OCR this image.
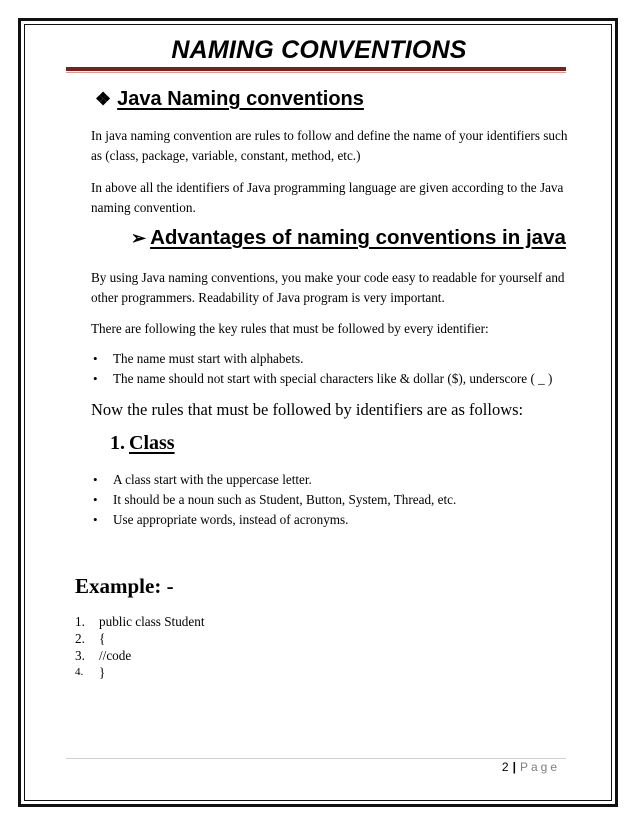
NAMING CONVENTIONS
❖ Java Naming conventions
In java naming convention are rules to follow and define the name of your identifiers such as (class, package, variable, constant, method, etc.)
In above all the identifiers of Java programming language are given according to the Java naming convention.
➢ Advantages of naming conventions in java
By using Java naming conventions, you make your code easy to readable for yourself and other programmers. Readability of Java program is very important.
There are following the key rules that must be followed by every identifier:
• The name must start with alphabets.
• The name should not start with special characters like & dollar ($), underscore ( _ )
Now the rules that must be followed by identifiers are as follows:
1. Class
• A class start with the uppercase letter.
• It should be a noun such as Student, Button, System, Thread, etc.
• Use appropriate words, instead of acronyms.
Example: -
1.	public class Student
2.	{
3.	//code
4.	}
2 | Page
